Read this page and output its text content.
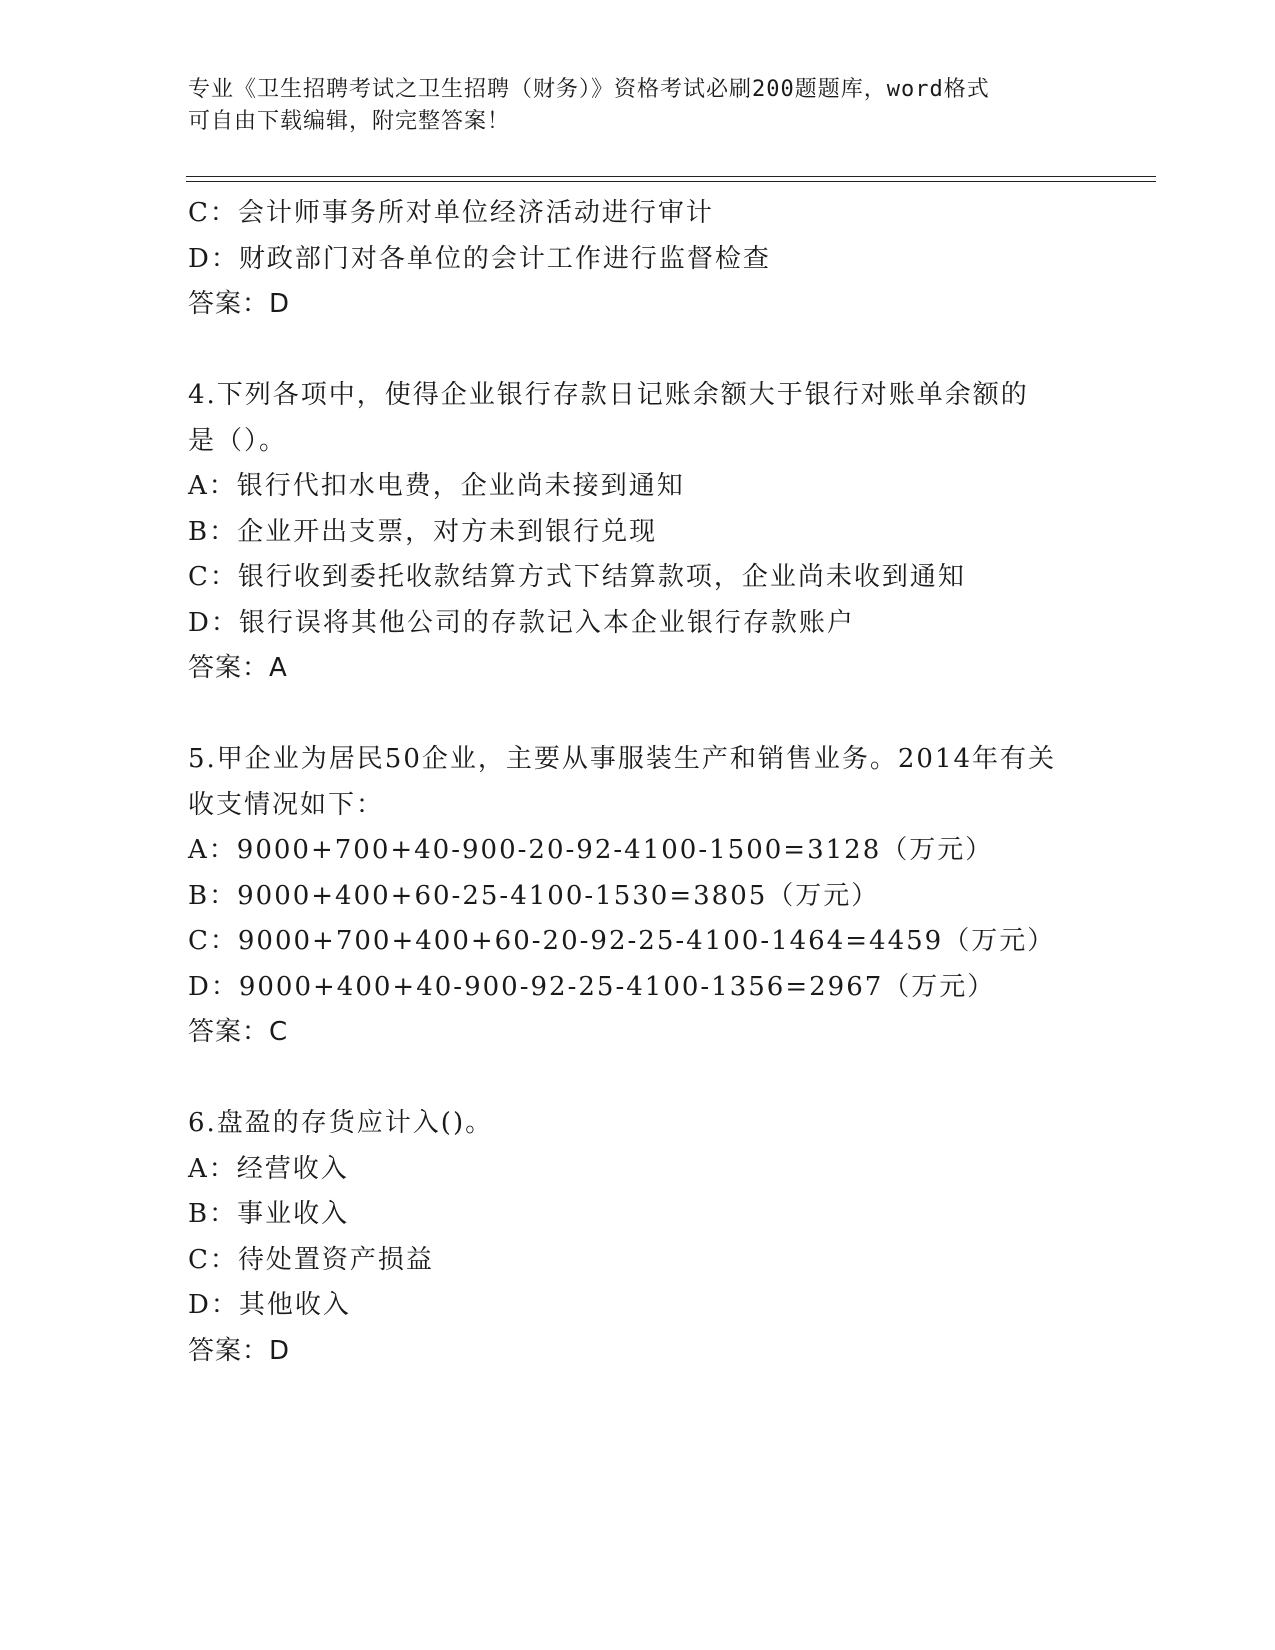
专业《卫生招聘考试之卫生招聘（财务）》资格考试必刷200题题库，word格式
可自由下载编辑，附完整答案！
C：会计师事务所对单位经济活动进行审计
D：财政部门对各单位的会计工作进行监督检查
答案：D
4.下列各项中，使得企业银行存款日记账余额大于银行对账单余额的
是（）。
A：银行代扣水电费，企业尚未接到通知
B：企业开出支票，对方未到银行兑现
C：银行收到委托收款结算方式下结算款项，企业尚未收到通知
D：银行误将其他公司的存款记入本企业银行存款账户
答案：A
5.甲企业为居民50企业，主要从事服装生产和销售业务。2014年有关
收支情况如下：
A：9000+700+40-900-20-92-4100-1500=3128（万元）
B：9000+400+60-25-4100-1530=3805（万元）
C：9000+700+400+60-20-92-25-4100-1464=4459（万元）
D：9000+400+40-900-92-25-4100-1356=2967（万元）
答案：C
6.盘盈的存货应计入()。
A：经营收入
B：事业收入
C：待处置资产损益
D：其他收入
答案：D
